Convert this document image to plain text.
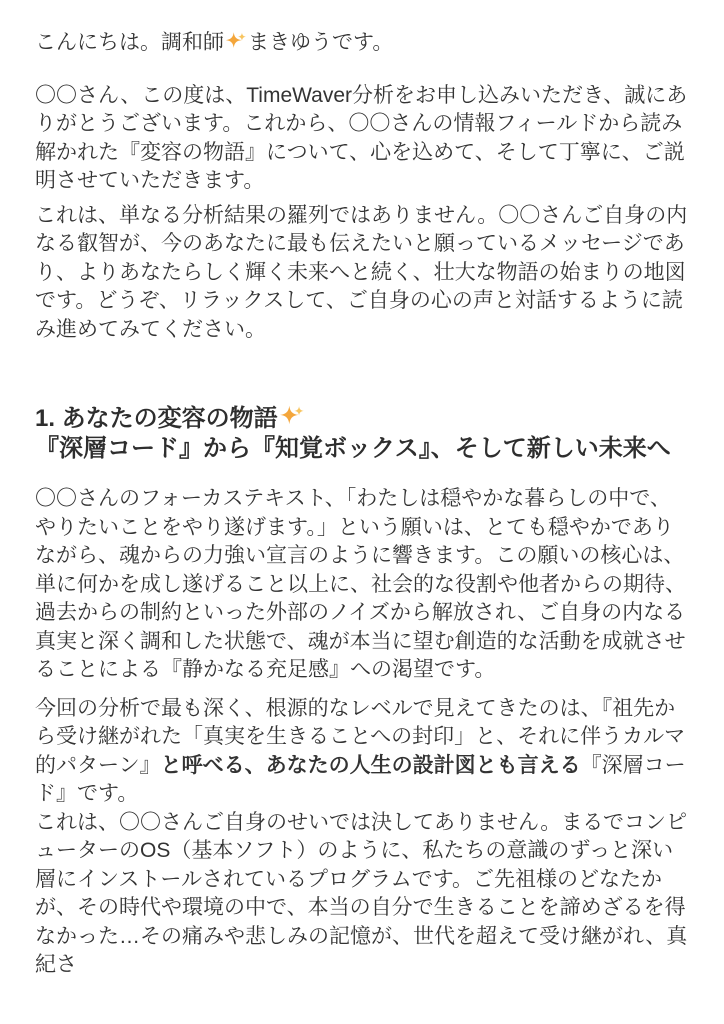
こんにちは。調和師 まきゆうです。

〇〇さん、この度は、TimeWaver分析をお申し込みいただき、誠にありがとうございます。これから、〇〇さんの情報フィールドから読み解かれた『変容の物語』について、心を込めて、そして丁寧に、ご説明させていただきます。

これは、単なる分析結果の羅列ではありません。〇〇さんご自身の内なる叡智が、今のあなたに最も伝えたいと願っているメッセージであり、よりあなたらしく輝く未来へと続く、壮大な物語の始まりの地図です。どうぞ、リラックスして、ご自身の心の声と対話するように読み進めてみてください。

1. あなたの変容の物語
『深層コード』から『知覚ボックス』、そして新しい未来へ

〇〇さんのフォーカステキスト、「わたしは穏やかな暮らしの中で、やりたいことをやり遂げます。」という願いは、とても穏やかでありながら、魂からの力強い宣言のように響きます。この願いの核心は、単に何かを成し遂げること以上に、社会的な役割や他者からの期待、過去からの制約といった外部のノイズから解放され、ご自身の内なる真実と深く調和した状態で、魂が本当に望む創造的な活動を成就させることによる『静かなる充足感』への渇望です。

今回の分析で最も深く、根源的なレベルで見えてきたのは、『祖先から受け継がれた「真実を生きることへの封印」と、それに伴うカルマ的パターン』と呼べる、あなたの人生の設計図とも言える『深層コード』です。

これは、〇〇さんご自身のせいでは決してありません。まるでコンピューターのOS（基本ソフト）のように、私たちの意識のずっと深い層にインストールされているプログラムです。ご先祖様のどなたかが、その時代や環境の中で、本当の自分で生きることを諦めざるを得なかった…その痛みや悲しみの記憶が、世代を超えて受け継がれ、真紀さ
